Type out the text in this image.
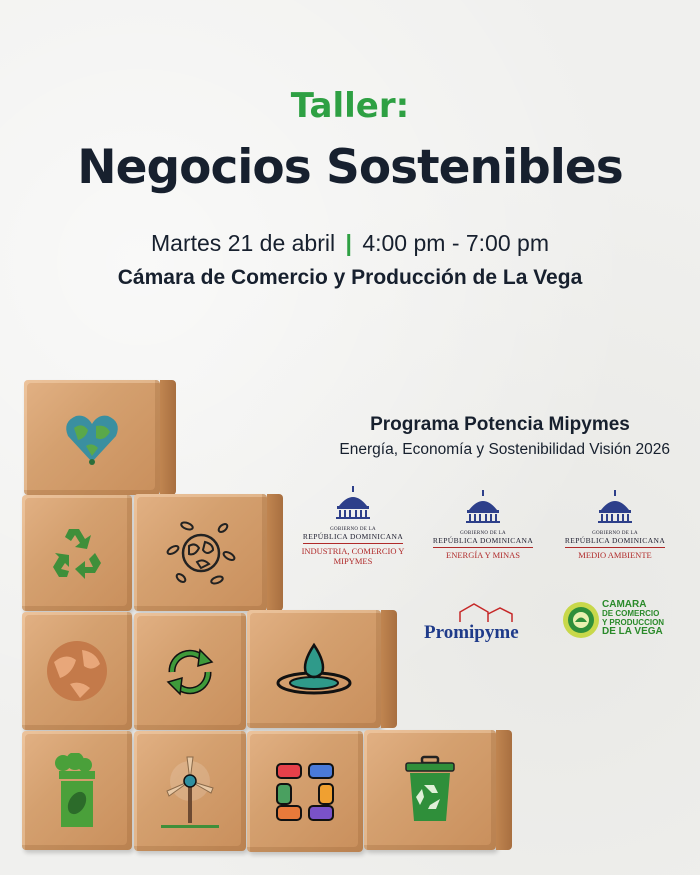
Taller:
Negocios Sostenibles
Martes 21 de abril | 4:00 pm - 7:00 pm
Cámara de Comercio y Producción de La Vega
Programa Potencia Mipymes
Energía, Economía y Sostenibilidad Visión 2026
GOBIERNO DE LA
REPÚBLICA DOMINICANA
INDUSTRIA, COMERCIO Y MIPYMES
GOBIERNO DE LA
REPÚBLICA DOMINICANA
ENERGÍA Y MINAS
GOBIERNO DE LA
REPÚBLICA DOMINICANA
MEDIO AMBIENTE
Promipyme
CAMARA
DE COMERCIO
Y PRODUCCION
DE LA VEGA
